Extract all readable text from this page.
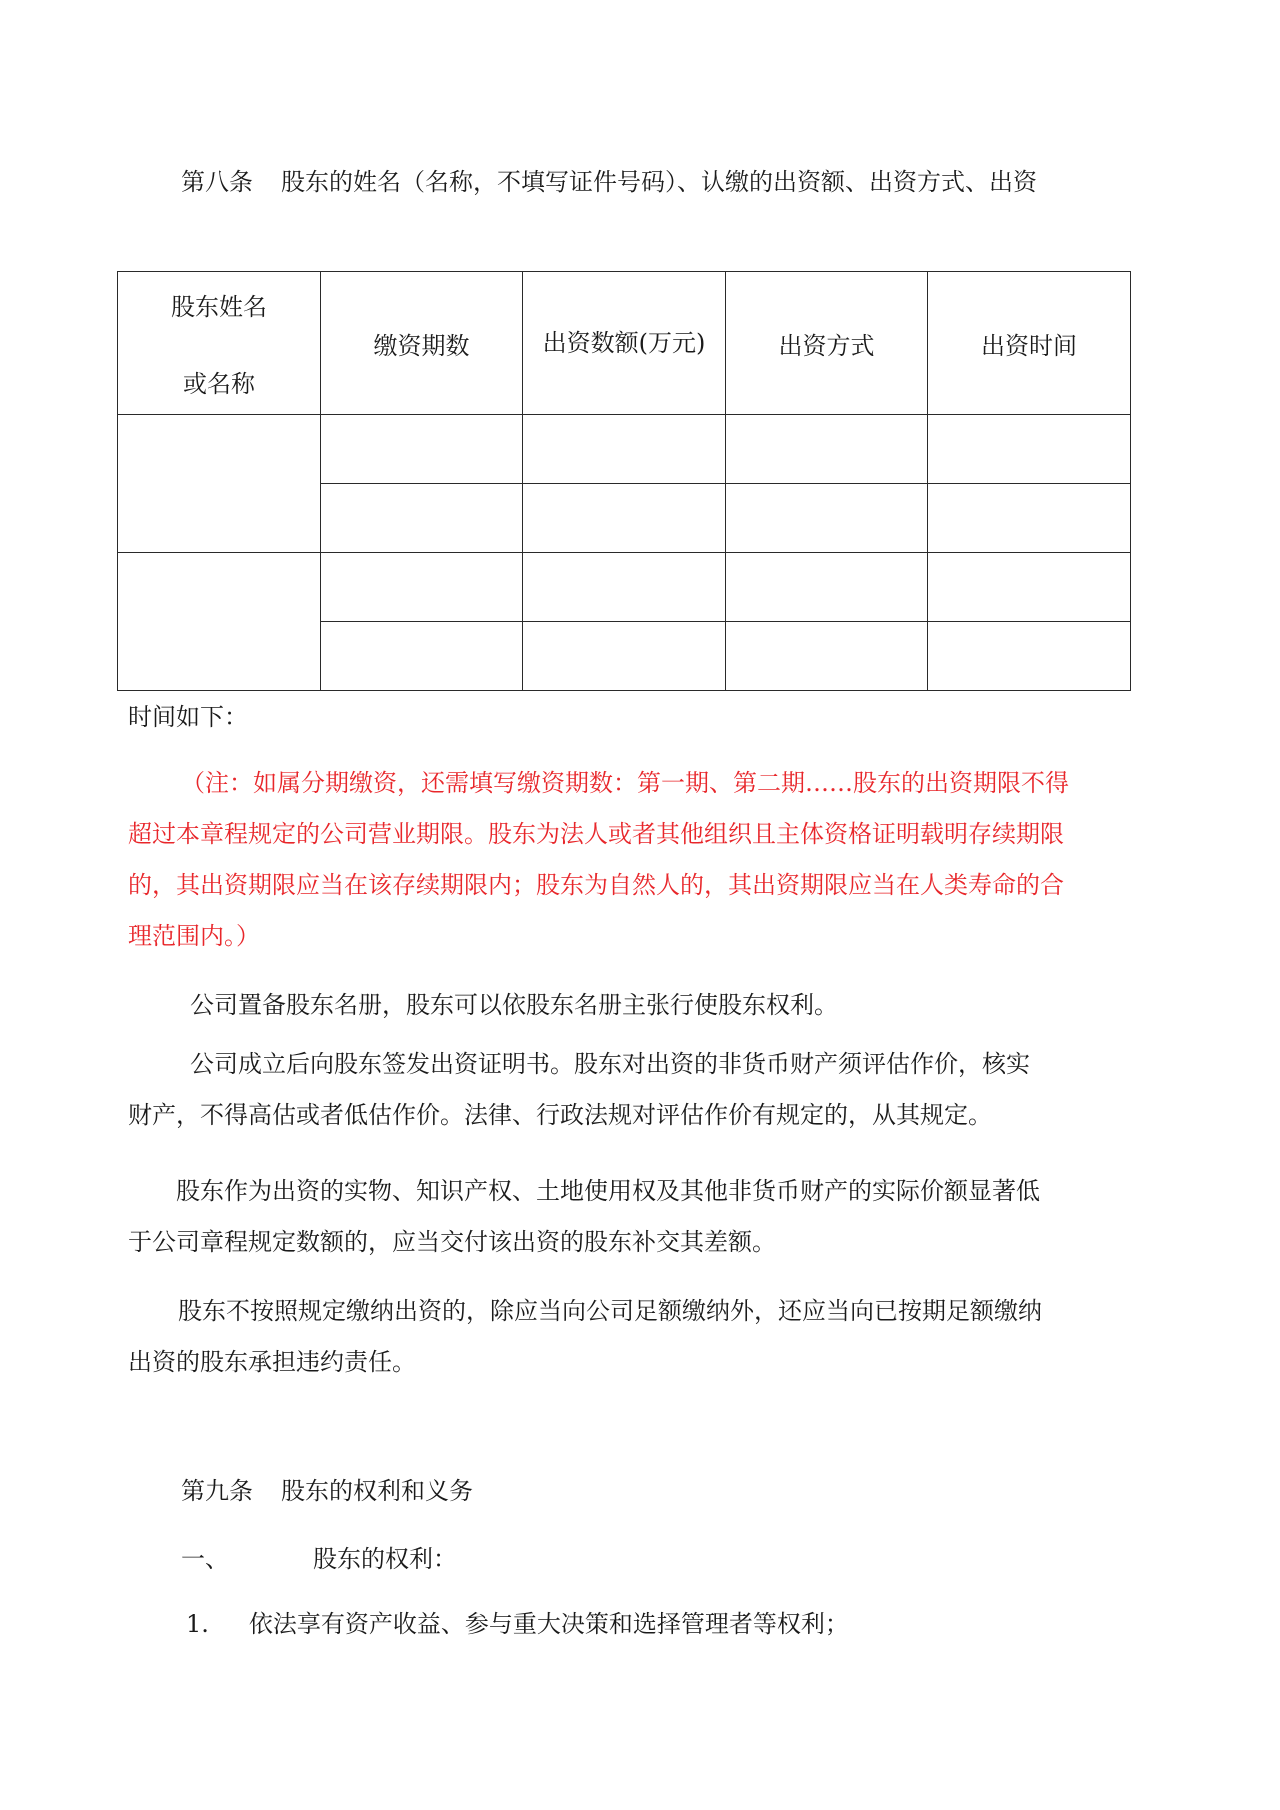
第八条 股东的姓名（名称，不填写证件号码）、认缴的出资额、出资方式、出资

股东姓名
或名称	缴资期数	出资数额(万元)	出资方式	出资时间

时间如下：

（注：如属分期缴资，还需填写缴资期数：第一期、第二期……股东的出资期限不得

超过本章程规定的公司营业期限。股东为法人或者其他组织且主体资格证明载明存续期限

的，其出资期限应当在该存续期限内；股东为自然人的，其出资期限应当在人类寿命的合

理范围内。）

公司置备股东名册，股东可以依股东名册主张行使股东权利。

公司成立后向股东签发出资证明书。股东对出资的非货币财产须评估作价，核实

财产，不得高估或者低估作价。法律、行政法规对评估作价有规定的，从其规定。

股东作为出资的实物、知识产权、土地使用权及其他非货币财产的实际价额显著低

于公司章程规定数额的，应当交付该出资的股东补交其差额。

股东不按照规定缴纳出资的，除应当向公司足额缴纳外，还应当向已按期足额缴纳

出资的股东承担违约责任。

第九条 股东的权利和义务

一、	股东的权利：

1. 依法享有资产收益、参与重大决策和选择管理者等权利；
